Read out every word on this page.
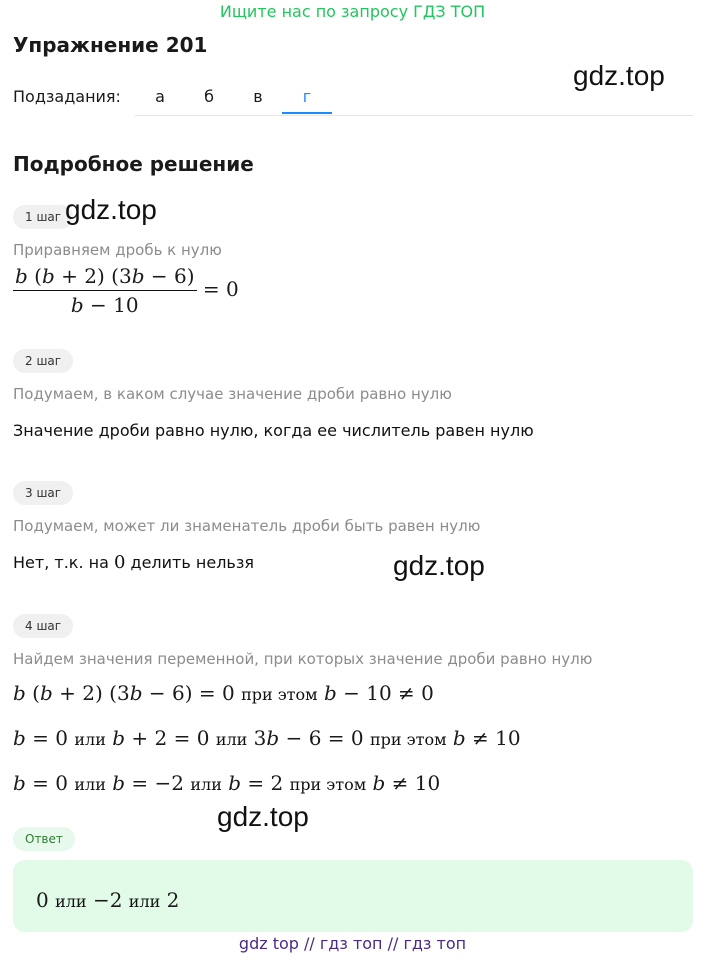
Ищите нас по запросу ГДЗ ТОП
Упражнение 201
Подзадания:	а	б	в	г
gdz.top
Подробное решение
1 шаг gdz.top
Приравняем дробь к нулю
$\frac{b (b + 2) (3b - 6)}{b - 10} = 0$
2 шаг
Подумаем, в каком случае значение дроби равно нулю
Значение дроби равно нулю, когда ее числитель равен нулю
3 шаг
Подумаем, может ли знаменатель дроби быть равен нулю
Нет, т.к. на 0 делить нельзя	gdz.top
4 шаг
Найдем значения переменной, при которых значение дроби равно нулю
b (b + 2) (3b − 6) = 0 при этом b − 10 ≠ 0
b = 0 или b + 2 = 0 или 3b − 6 = 0 при этом b ≠ 10
b = 0 или b = −2 или b = 2 при этом b ≠ 10
gdz.top
Ответ
0 или −2 или 2
gdz top // гдз топ // гдз топ
